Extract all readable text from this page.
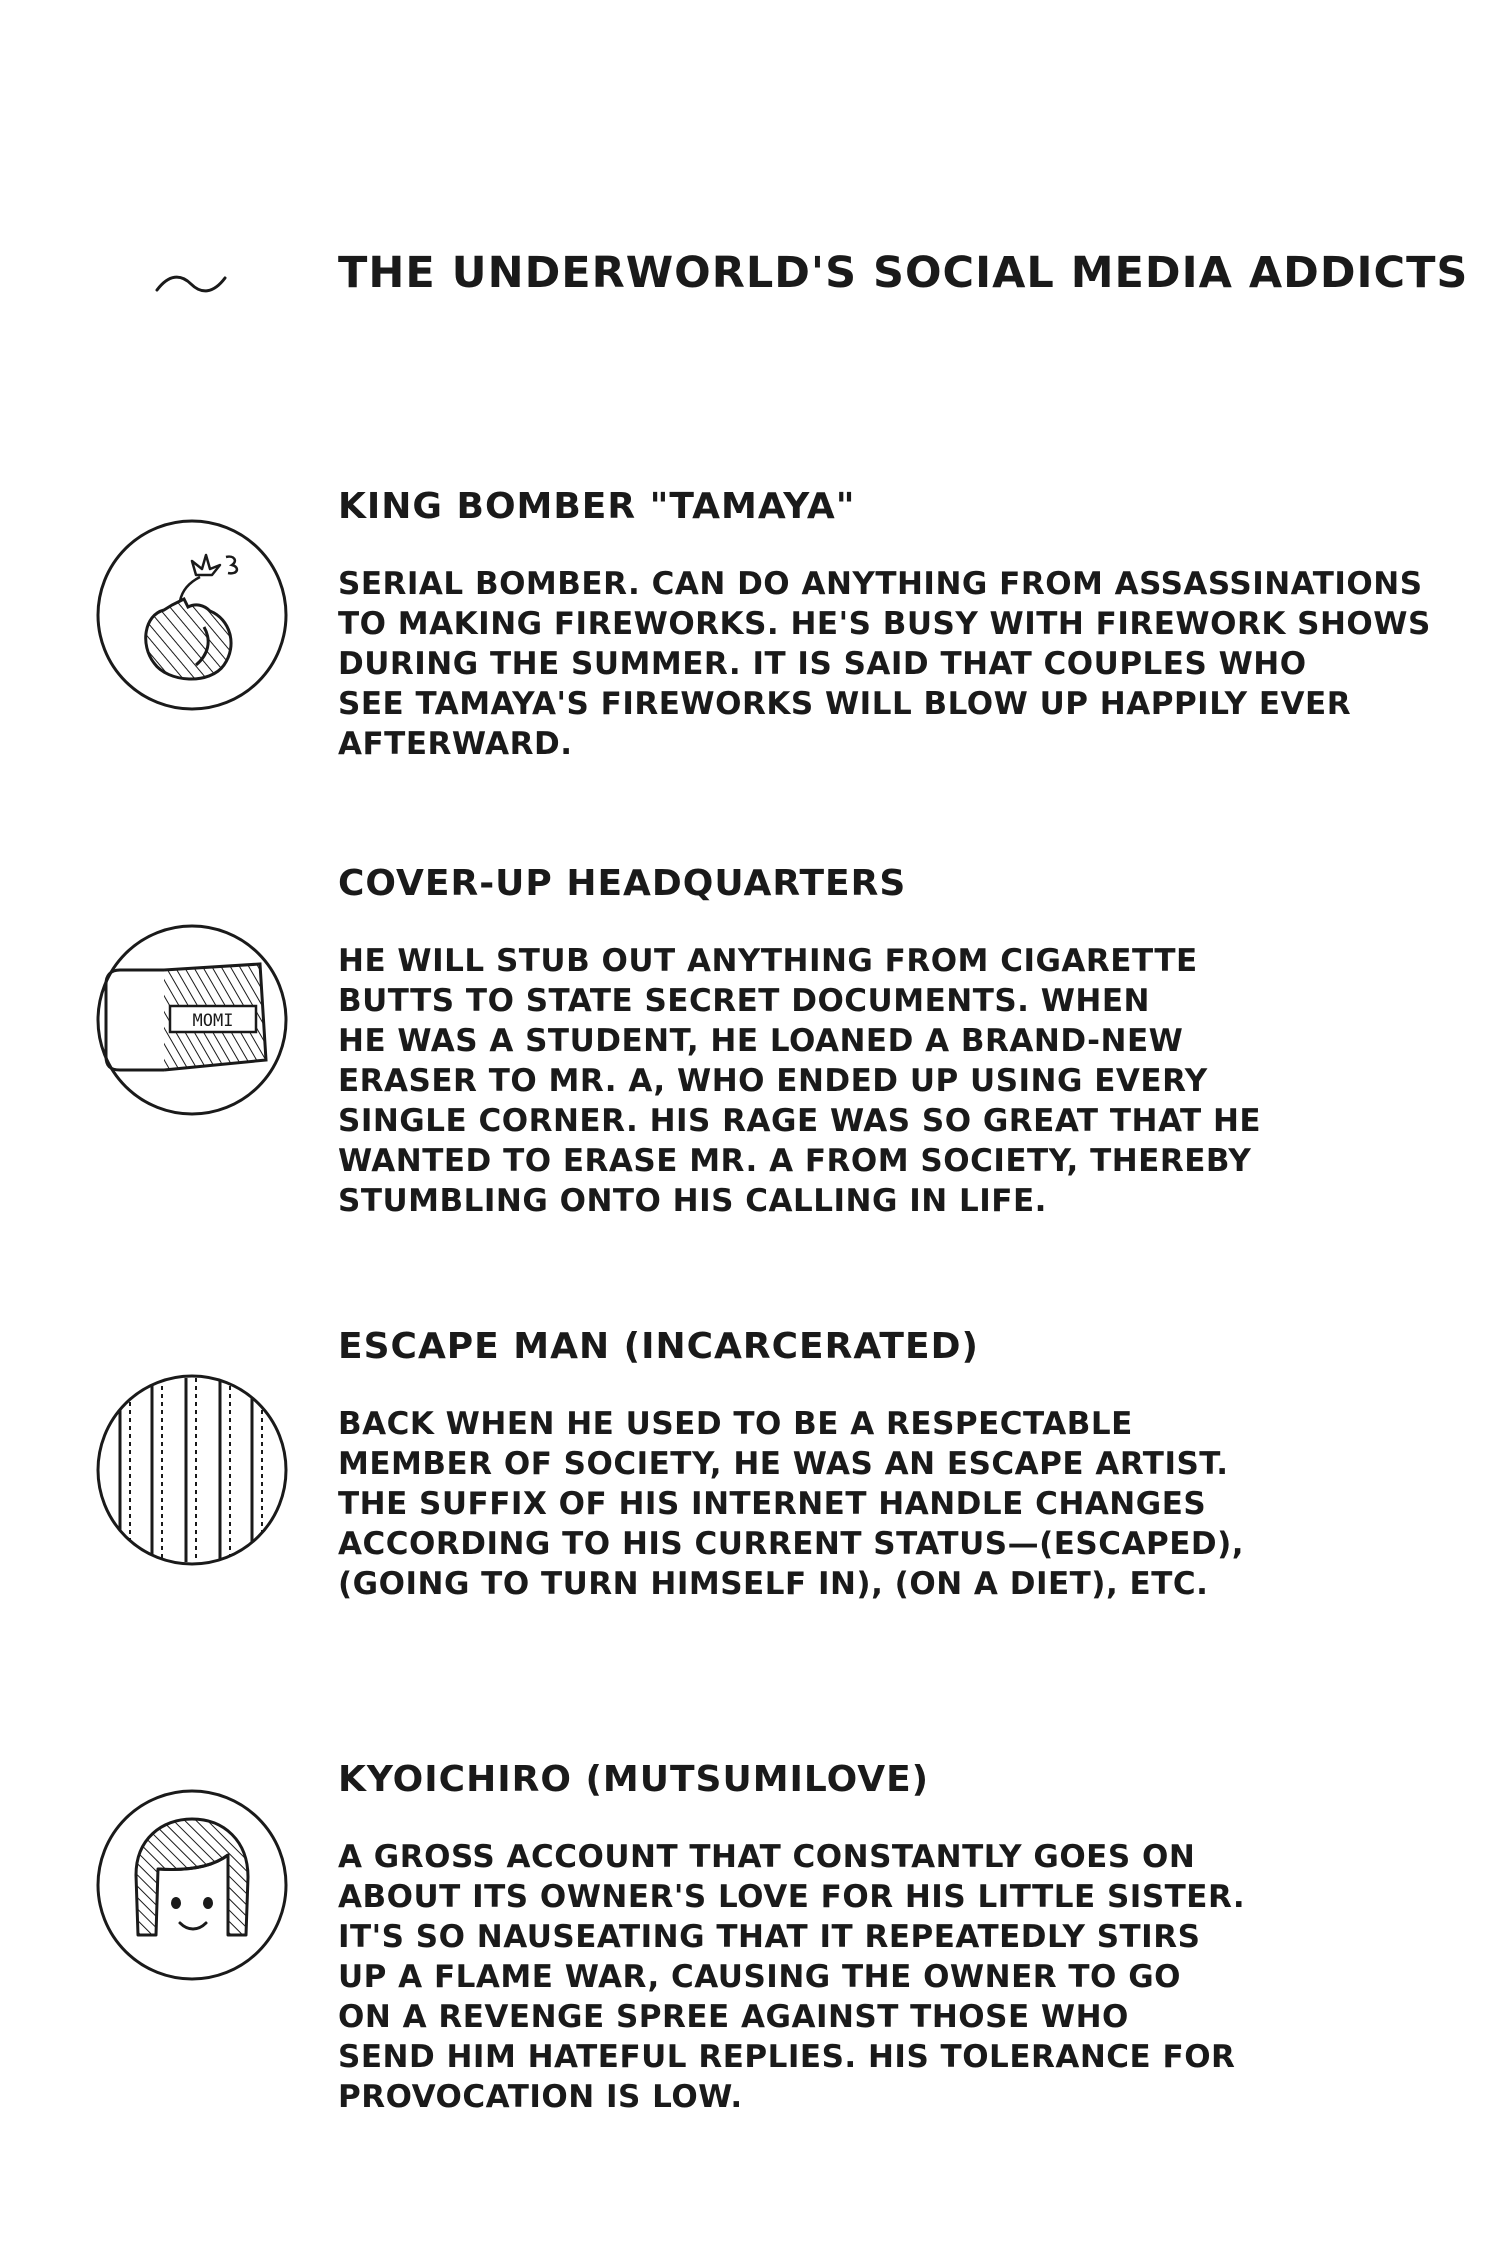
THE UNDERWORLD'S SOCIAL MEDIA ADDICTS
KING BOMBER "TAMAYA"
SERIAL BOMBER. CAN DO ANYTHING FROM ASSASSINATIONS
TO MAKING FIREWORKS. HE'S BUSY WITH FIREWORK SHOWS
DURING THE SUMMER. IT IS SAID THAT COUPLES WHO
SEE TAMAYA'S FIREWORKS WILL BLOW UP HAPPILY EVER
AFTERWARD.
MOMI
COVER-UP HEADQUARTERS
HE WILL STUB OUT ANYTHING FROM CIGARETTE
BUTTS TO STATE SECRET DOCUMENTS. WHEN
HE WAS A STUDENT, HE LOANED A BRAND-NEW
ERASER TO MR. A, WHO ENDED UP USING EVERY
SINGLE CORNER. HIS RAGE WAS SO GREAT THAT HE
WANTED TO ERASE MR. A FROM SOCIETY, THEREBY
STUMBLING ONTO HIS CALLING IN LIFE.
ESCAPE MAN (INCARCERATED)
BACK WHEN HE USED TO BE A RESPECTABLE
MEMBER OF SOCIETY, HE WAS AN ESCAPE ARTIST.
THE SUFFIX OF HIS INTERNET HANDLE CHANGES
ACCORDING TO HIS CURRENT STATUS—(ESCAPED),
(GOING TO TURN HIMSELF IN), (ON A DIET), ETC.
KYOICHIRO (MUTSUMILOVE)
A GROSS ACCOUNT THAT CONSTANTLY GOES ON
ABOUT ITS OWNER'S LOVE FOR HIS LITTLE SISTER.
IT'S SO NAUSEATING THAT IT REPEATEDLY STIRS
UP A FLAME WAR, CAUSING THE OWNER TO GO
ON A REVENGE SPREE AGAINST THOSE WHO
SEND HIM HATEFUL REPLIES. HIS TOLERANCE FOR
PROVOCATION IS LOW.
